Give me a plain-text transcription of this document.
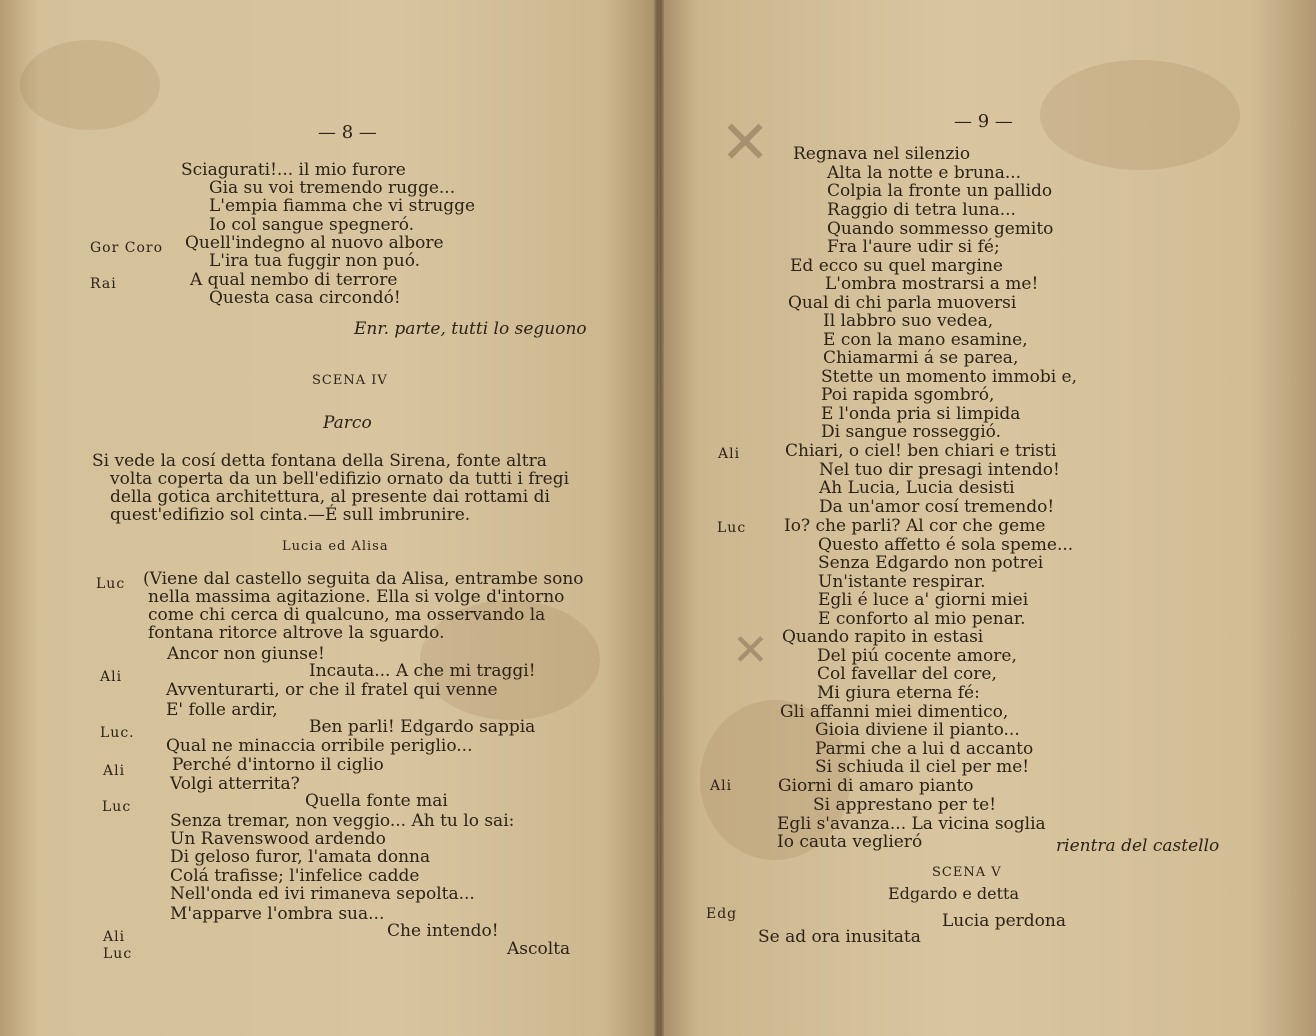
— 8 —
Sciagurati!... il mio furore
Gia su voi tremendo rugge...
L'empia fiamma che vi strugge
Io col sangue spegneró.
Gor Coro Quell'indegno al nuovo albore
L'ira tua fuggir non puó.
Rai	A qual nembo di terrore
Questa casa circondó!
Enr. parte, tutti lo seguono
SCENA IV
Parco
Si vede la cosí detta fontana della Sirena, fonte altra
volta coperta da un bell'edifizio ornato da tutti i fregi
della gotica architettura, al presente dai rottami di
quest'edifizio sol cinta.—É sull imbrunire.
Lucia ed Alisa
Luc (Viene dal castello seguita da Alisa, entrambe sono
nella massima agitazione. Ella si volge d'intorno
come chi cerca di qualcuno, ma osservando la
fontana ritorce altrove la sguardo.
Ancor non giunse!
Ali	Incauta... A che mi traggi!
Avventurarti, or che il fratel qui venne
E' folle ardir,
Luc.	Ben parli! Edgardo sappia
Qual ne minaccia orribile periglio...
Ali	Perché d'intorno il ciglio
Volgi atterrita?
Luc	Quella fonte mai
Senza tremar, non veggio... Ah tu lo sai:
Un Ravenswood ardendo
Di geloso furor, l'amata donna
Colá trafisse; l'infelice cadde
Nell'onda ed ivi rimaneva sepolta...
M'apparve l'ombra sua...
Ali	Che intendo!
Luc	Ascolta
✕
✕
— 9 —
Regnava nel silenzio
Alta la notte e bruna...
Colpia la fronte un pallido
Raggio di tetra luna...
Quando sommesso gemito
Fra l'aure udir si fé;
Ed ecco su quel margine
L'ombra mostrarsi a me!
Qual di chi parla muoversi
Il labbro suo vedea,
E con la mano esamine,
Chiamarmi á se parea,
Stette un momento immobi e,
Poi rapida sgombró,
E l'onda pria si limpida
Di sangue rosseggió.
Ali	Chiari, o ciel! ben chiari e tristi
Nel tuo dir presagi intendo!
Ah Lucia, Lucia desisti
Da un'amor cosí tremendo!
Luc Io? che parli? Al cor che geme
Questo affetto é sola speme...
Senza Edgardo non potrei
Un'istante respirar.
Egli é luce a' giorni miei
E conforto al mio penar.
Quando rapito in estasi
Del piú cocente amore,
Col favellar del core,
Mi giura eterna fé:
Gli affanni miei dimentico,
Gioia diviene il pianto...
Parmi che a lui d accanto
Si schiuda il ciel per me!
Ali	Giorni di amaro pianto
Si apprestano per te!
Egli s'avanza... La vicina soglia
Io cauta veglieró	rientra del castello
SCENA V
Edgardo e detta
Edg	Lucia perdona
Se ad ora inusitata
